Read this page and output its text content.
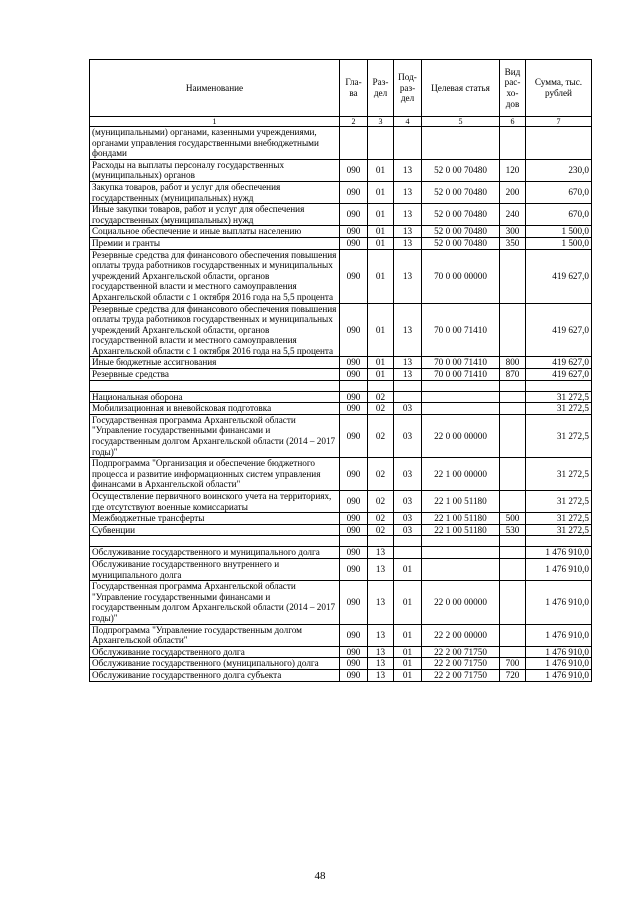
Наименование	Гла-ва	Раз-дел	Под-раз-дел	Целевая статья	Вид рас-хо-дов	Сумма, тыс. рублей
1	2	3	4	5	6	7
(муниципальными) органами, казенными учреждениями, органами управления государственными внебюджетными фондами						
Расходы на выплаты персоналу государственных (муниципальных) органов	090	01	13	52 0 00 70480	120	230,0
Закупка товаров, работ и услуг для обеспечения государственных (муниципальных) нужд	090	01	13	52 0 00 70480	200	670,0
Иные закупки товаров, работ и услуг для обеспечения государственных (муниципальных) нужд	090	01	13	52 0 00 70480	240	670,0
Социальное обеспечение и иные выплаты населению	090	01	13	52 0 00 70480	300	1 500,0
Премии и гранты	090	01	13	52 0 00 70480	350	1 500,0
Резервные средства для финансового обеспечения повышения оплаты труда работников государственных и муниципальных учреждений Архангельской области, органов государственной власти и местного самоуправления Архангельской области с 1 октября 2016 года на 5,5 процента	090	01	13	70 0 00 00000		419 627,0
Резервные средства для финансового обеспечения повышения оплаты труда работников государственных и муниципальных учреждений Архангельской области, органов государственной власти и местного самоуправления Архангельской области с 1 октября 2016 года на 5,5 процента	090	01	13	70 0 00 71410		419 627,0
Иные бюджетные ассигнования	090	01	13	70 0 00 71410	800	419 627,0
Резервные средства	090	01	13	70 0 00 71410	870	419 627,0

Национальная оборона	090	02				31 272,5
Мобилизационная и вневойсковая подготовка	090	02	03			31 272,5
Государственная программа Архангельской области "Управление государственными финансами и государственным долгом Архангельской области (2014 – 2017 годы)"	090	02	03	22 0 00 00000		31 272,5
Подпрограмма "Организация и обеспечение бюджетного процесса и развитие информационных систем управления финансами в Архангельской области"	090	02	03	22 1 00 00000		31 272,5
Осуществление первичного воинского учета на территориях, где отсутствуют военные комиссариаты	090	02	03	22 1 00 51180		31 272,5
Межбюджетные трансферты	090	02	03	22 1 00 51180	500	31 272,5
Субвенции	090	02	03	22 1 00 51180	530	31 272,5

Обслуживание государственного и муниципального долга	090	13				1 476 910,0
Обслуживание государственного внутреннего и муниципального долга	090	13	01			1 476 910,0
Государственная программа Архангельской области "Управление государственными финансами и государственным долгом Архангельской области (2014 – 2017 годы)"	090	13	01	22 0 00 00000		1 476 910,0
Подпрограмма "Управление государственным долгом Архангельской области"	090	13	01	22 2 00 00000		1 476 910,0
Обслуживание государственного долга	090	13	01	22 2 00 71750		1 476 910,0
Обслуживание государственного (муниципального) долга	090	13	01	22 2 00 71750	700	1 476 910,0
Обслуживание государственного долга субъекта	090	13	01	22 2 00 71750	720	1 476 910,0
48
